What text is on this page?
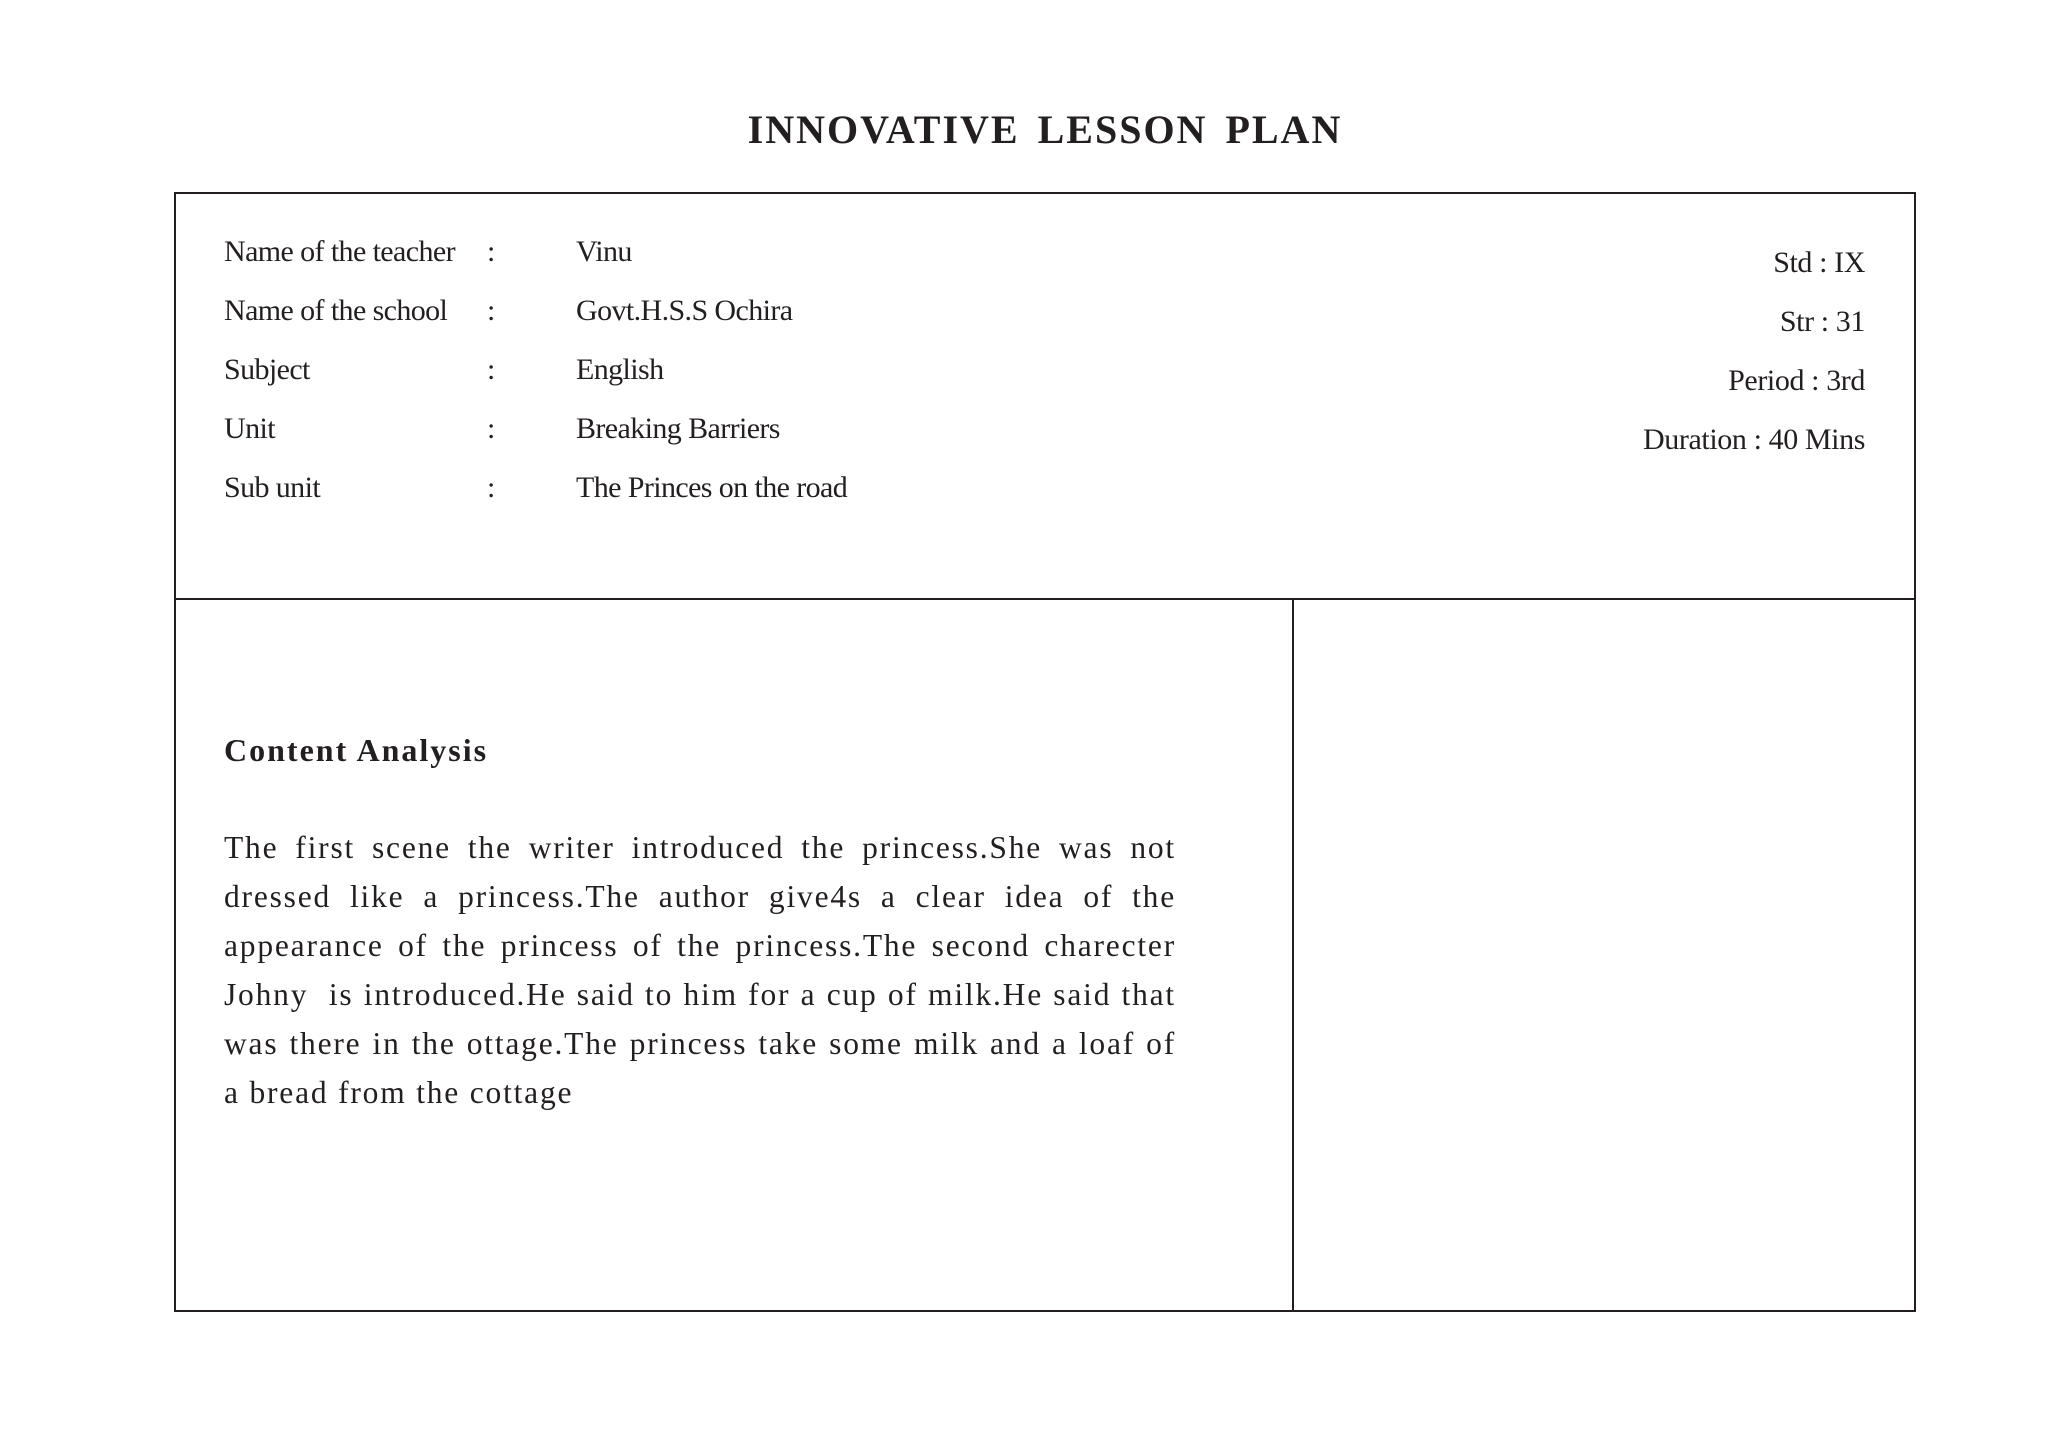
INNOVATIVE LESSON PLAN
Name of the teacher :	Vinu
Name of the school :	Govt.H.S.S Ochira
Subject	:	English
Unit	:	Breaking Barriers
Sub unit	:	The Princes on the road
Std : IX
Str : 31
Period : 3rd
Duration : 40 Mins
Content Analysis
The first scene the writer introduced the princess.She was not dressed like a princess.The author give4s a clear idea of the appearance of the princess of the princess.The second charecter Johny  is introduced.He said to him for a cup of milk.He said that was there in the ottage.The princess take some milk and a loaf of a bread from the cottage
